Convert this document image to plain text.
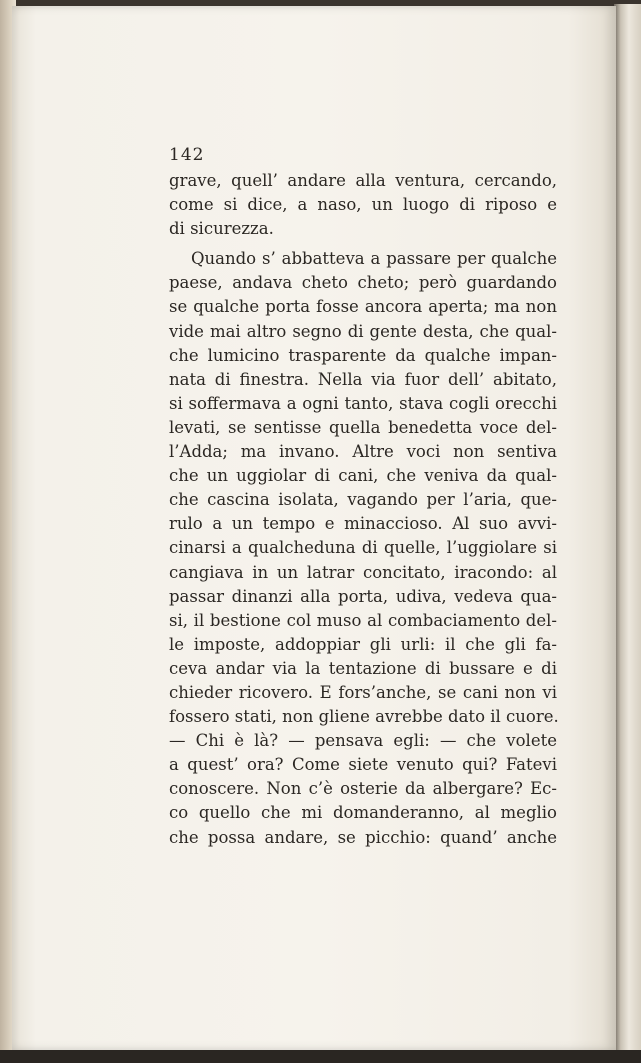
142
grave, quell’ andare alla ventura, cercando,
come si dice, a naso, un luogo di riposo e
di sicurezza.
Quando s’ abbatteva a passare per qualche
paese, andava cheto cheto; però guardando
se qualche porta fosse ancora aperta; ma non
vide mai altro segno di gente desta, che qual-
che lumicino trasparente da qualche impan-
nata di finestra. Nella via fuor dell’ abitato,
si soffermava a ogni tanto, stava cogli orecchi
levati, se sentisse quella benedetta voce del-
l’Adda; ma invano. Altre voci non sentiva
che un uggiolar di cani, che veniva da qual-
che cascina isolata, vagando per l’aria, que-
rulo a un tempo e minaccioso. Al suo avvi-
cinarsi a qualcheduna di quelle, l’uggiolare si
cangiava in un latrar concitato, iracondo: al
passar dinanzi alla porta, udiva, vedeva qua-
si, il bestione col muso al combaciamento del-
le imposte, addoppiar gli urli: il che gli fa-
ceva andar via la tentazione di bussare e di
chieder ricovero. E fors’anche, se cani non vi
fossero stati, non gliene avrebbe dato il cuore.
— Chi è là? — pensava egli: — che volete
a quest’ ora? Come siete venuto qui? Fatevi
conoscere. Non c’è osterie da albergare? Ec-
co quello che mi domanderanno, al meglio
che possa andare, se picchio: quand’ anche
